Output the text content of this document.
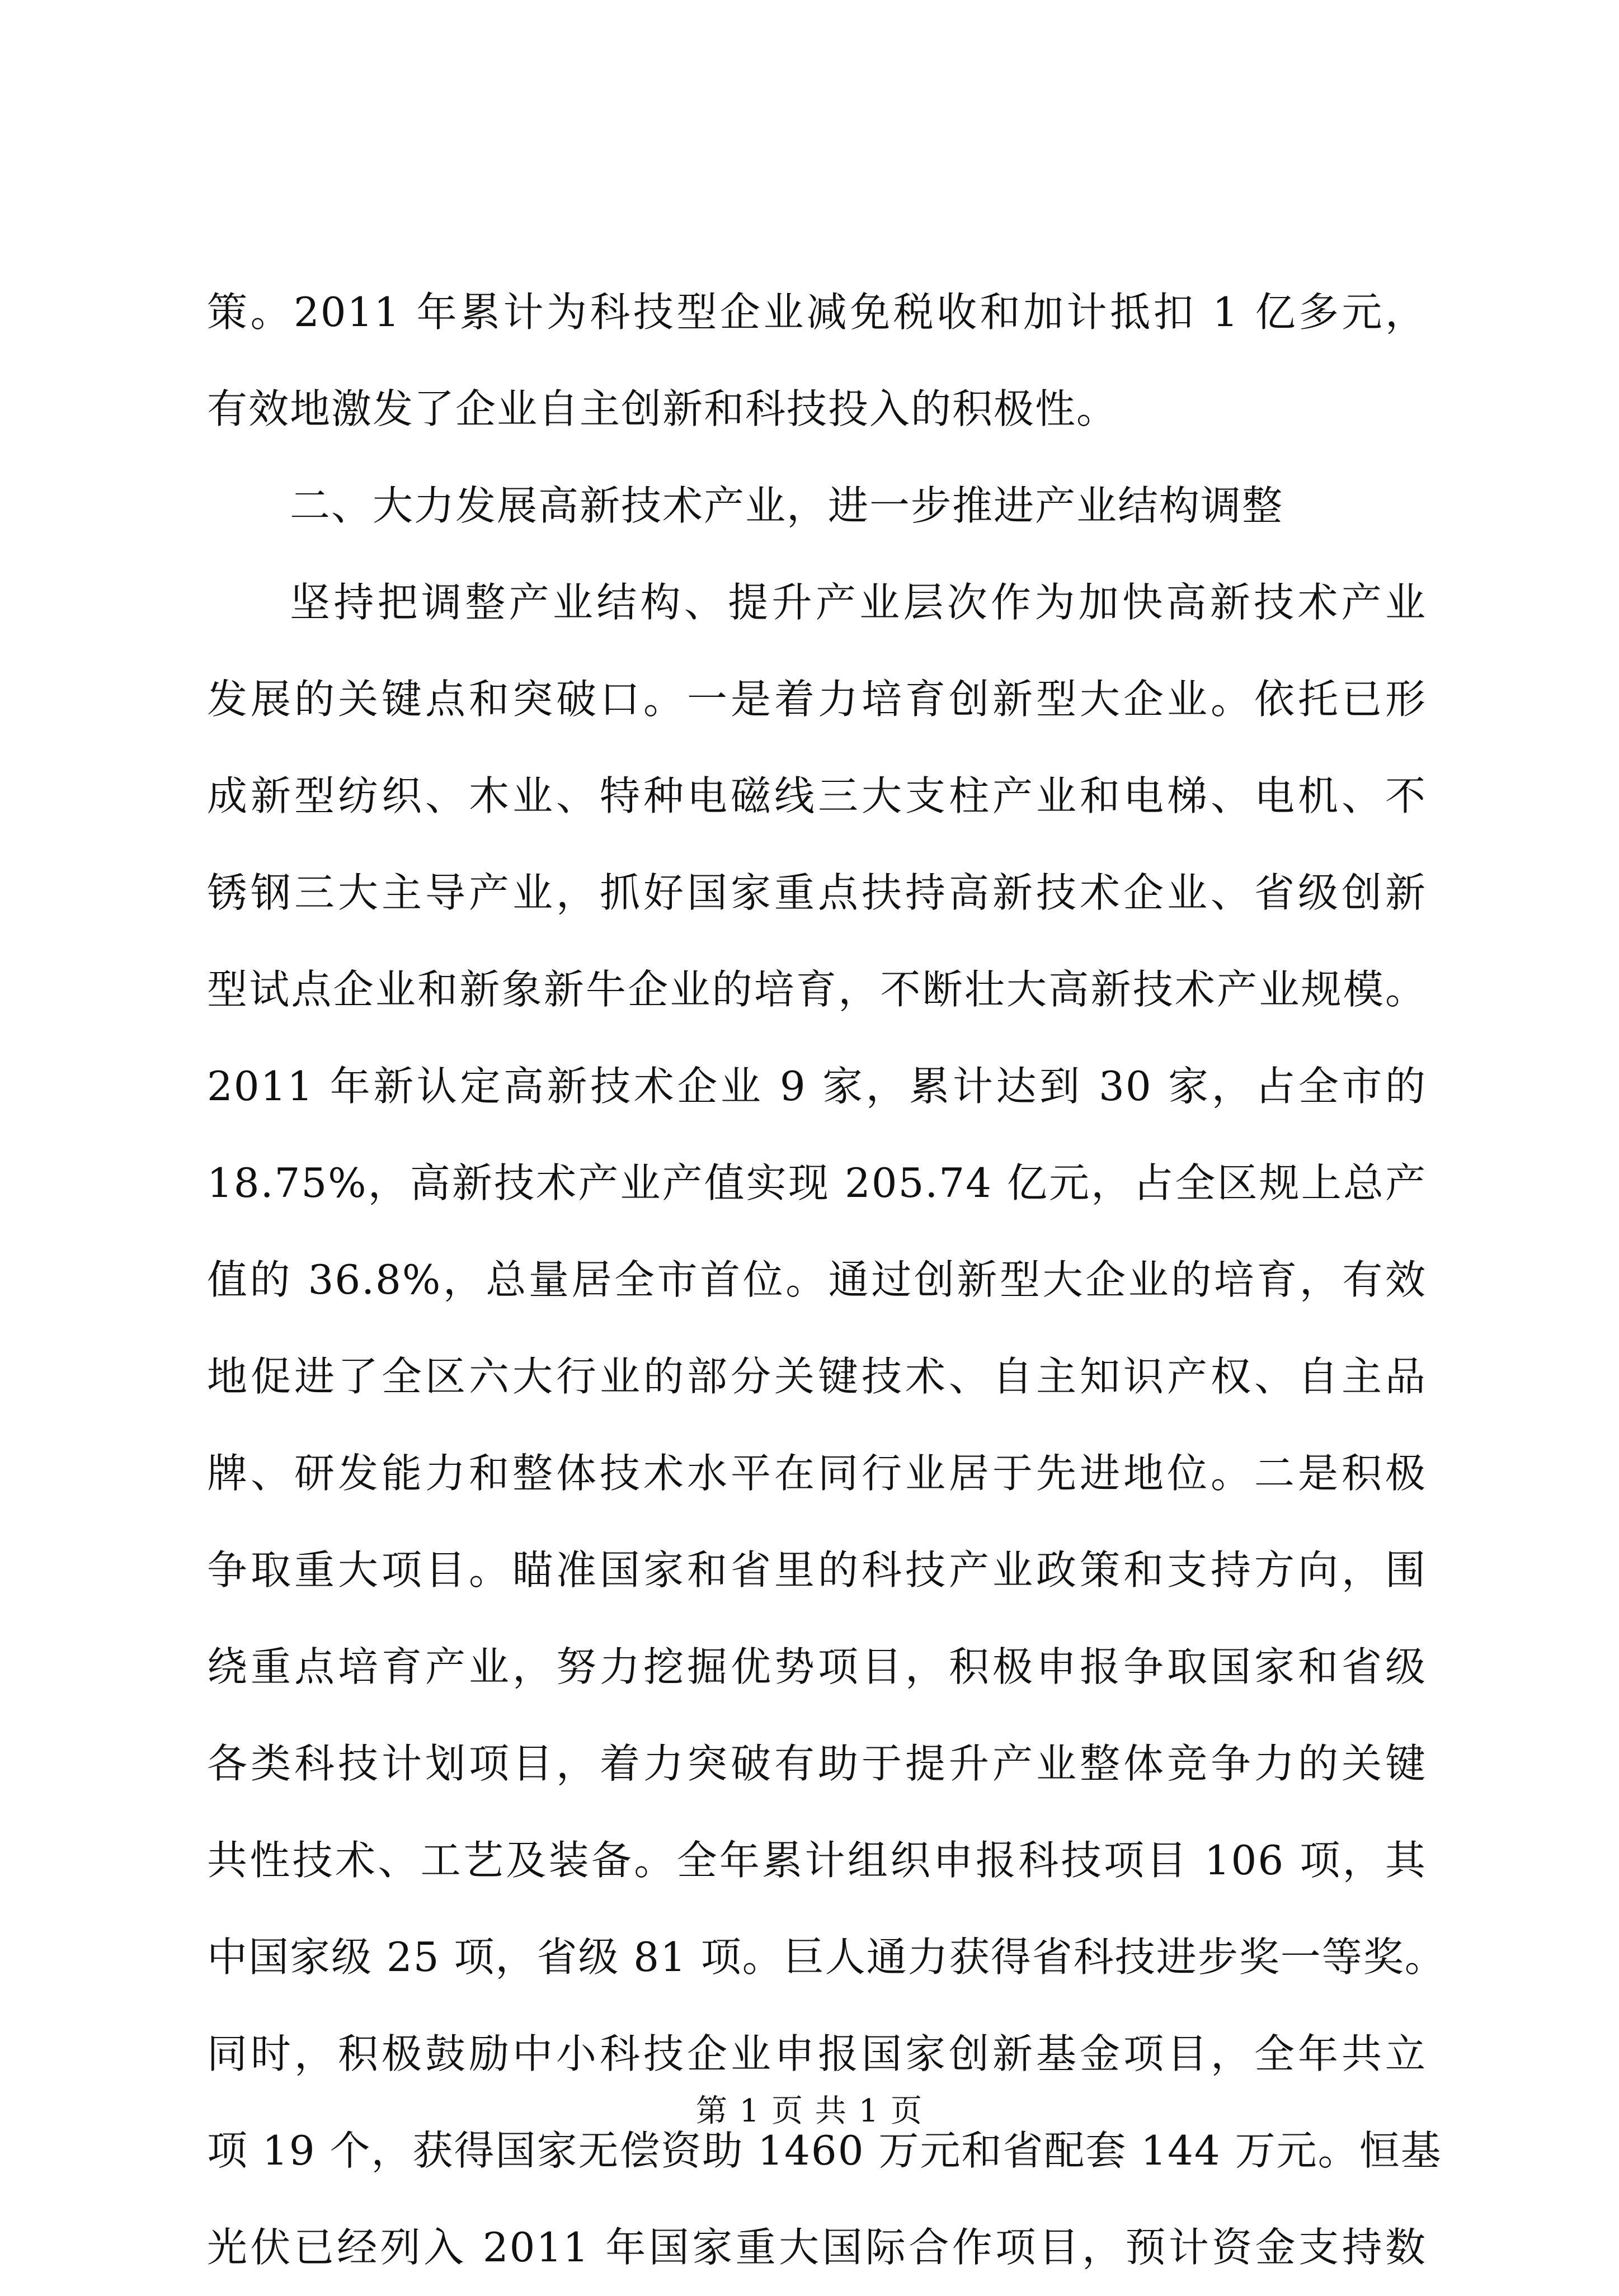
策。2011 年累计为科技型企业减免税收和加计抵扣 1 亿多元，
有效地激发了企业自主创新和科技投入的积极性。
二、大力发展高新技术产业，进一步推进产业结构调整
坚持把调整产业结构、提升产业层次作为加快高新技术产业
发展的关键点和突破口。一是着力培育创新型大企业。依托已形
成新型纺织、木业、特种电磁线三大支柱产业和电梯、电机、不
锈钢三大主导产业，抓好国家重点扶持高新技术企业、省级创新
型试点企业和新象新牛企业的培育，不断壮大高新技术产业规模。
2011 年新认定高新技术企业 9 家，累计达到 30 家，占全市的
18.75%，高新技术产业产值实现 205.74 亿元，占全区规上总产
值的 36.8%，总量居全市首位。通过创新型大企业的培育，有效
地促进了全区六大行业的部分关键技术、自主知识产权、自主品
牌、研发能力和整体技术水平在同行业居于先进地位。二是积极
争取重大项目。瞄准国家和省里的科技产业政策和支持方向，围
绕重点培育产业，努力挖掘优势项目，积极申报争取国家和省级
各类科技计划项目，着力突破有助于提升产业整体竞争力的关键
共性技术、工艺及装备。全年累计组织申报科技项目 106 项，其
中国家级 25 项，省级 81 项。巨人通力获得省科技进步奖一等奖。
同时，积极鼓励中小科技企业申报国家创新基金项目，全年共立
项 19 个，获得国家无偿资助 1460 万元和省配套 144 万元。恒基
光伏已经列入 2011 年国家重大国际合作项目，预计资金支持数
第 1 页 共 1 页
